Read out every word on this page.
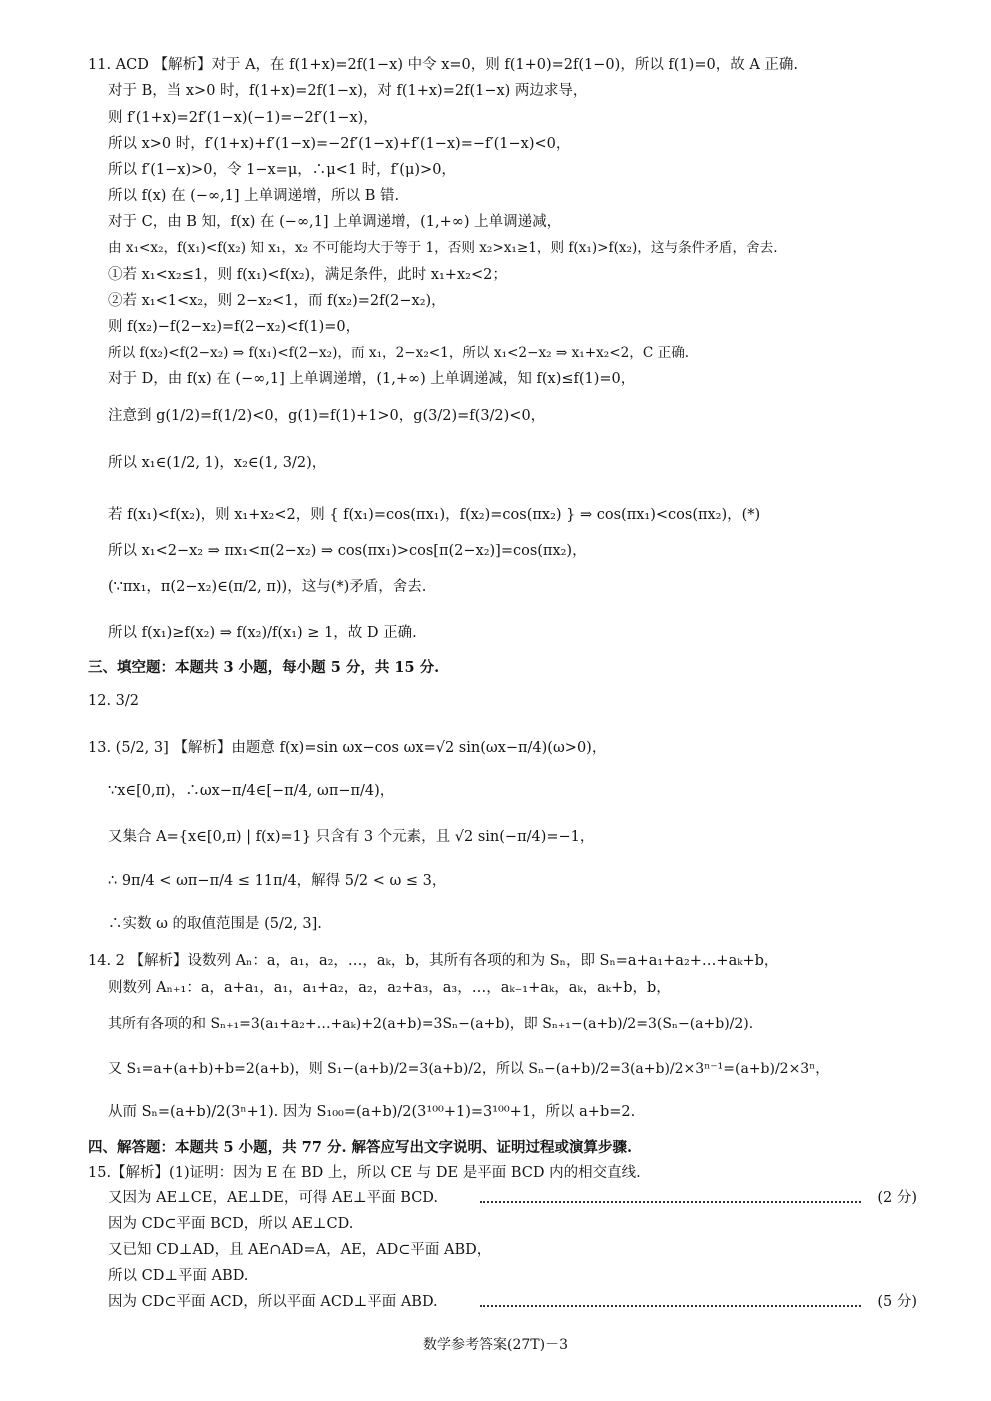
11. ACD 【解析】对于 A，在 f(1+x)=2f(1−x) 中令 x=0，则 f(1+0)=2f(1−0)，所以 f(1)=0，故 A 正确.
对于 B，当 x>0 时，f(1+x)=2f(1−x)，对 f(1+x)=2f(1−x) 两边求导，
则 f′(1+x)=2f′(1−x)(−1)=−2f′(1−x)，
所以 x>0 时，f′(1+x)+f′(1−x)=−2f′(1−x)+f′(1−x)=−f′(1−x)<0，
所以 f′(1−x)>0，令 1−x=μ，∴μ<1 时，f′(μ)>0，
所以 f(x) 在 (−∞,1] 上单调递增，所以 B 错.
对于 C，由 B 知，f(x) 在 (−∞,1] 上单调递增，(1,+∞) 上单调递减，
由 x₁<x₂，f(x₁)<f(x₂) 知 x₁，x₂ 不可能均大于等于 1，否则 x₂>x₁≥1，则 f(x₁)>f(x₂)，这与条件矛盾，舍去.
①若 x₁<x₂≤1，则 f(x₁)<f(x₂)，满足条件，此时 x₁+x₂<2；
②若 x₁<1<x₂，则 2−x₂<1，而 f(x₂)=2f(2−x₂)，
则 f(x₂)−f(2−x₂)=f(2−x₂)<f(1)=0，
所以 f(x₂)<f(2−x₂) ⇒ f(x₁)<f(2−x₂)，而 x₁，2−x₂<1，所以 x₁<2−x₂ ⇒ x₁+x₂<2，C 正确.
对于 D，由 f(x) 在 (−∞,1] 上单调递增，(1,+∞) 上单调递减，知 f(x)≤f(1)=0，
注意到 g(1/2)=f(1/2)<0，g(1)=f(1)+1>0，g(3/2)=f(3/2)<0，
所以 x₁∈(1/2, 1)，x₂∈(1, 3/2)，
若 f(x₁)<f(x₂)，则 x₁+x₂<2，则 { f(x₁)=cos(πx₁)，f(x₂)=cos(πx₂) } ⇒ cos(πx₁)<cos(πx₂)，(*)
所以 x₁<2−x₂ ⇒ πx₁<π(2−x₂) ⇒ cos(πx₁)>cos[π(2−x₂)]=cos(πx₂)，
(∵πx₁，π(2−x₂)∈(π/2, π))，这与(*)矛盾，舍去.
所以 f(x₁)≥f(x₂) ⇒ f(x₂)/f(x₁) ≥ 1，故 D 正确.
三、填空题：本题共 3 小题，每小题 5 分，共 15 分.
12. 3/2
13. (5/2, 3] 【解析】由题意 f(x)=sin ωx−cos ωx=√2 sin(ωx−π/4)(ω>0)，
∵x∈[0,π)，∴ωx−π/4∈[−π/4, ωπ−π/4)，
又集合 A={x∈[0,π) | f(x)=1} 只含有 3 个元素，且 √2 sin(−π/4)=−1，
∴ 9π/4 < ωπ−π/4 ≤ 11π/4，解得 5/2 < ω ≤ 3，
∴实数 ω 的取值范围是 (5/2, 3].
14. 2 【解析】设数列 Aₙ：a，a₁，a₂，…，aₖ，b，其所有各项的和为 Sₙ，即 Sₙ=a+a₁+a₂+…+aₖ+b，
则数列 Aₙ₊₁：a，a+a₁，a₁，a₁+a₂，a₂，a₂+a₃，a₃，…，aₖ₋₁+aₖ，aₖ，aₖ+b，b，
其所有各项的和 Sₙ₊₁=3(a₁+a₂+…+aₖ)+2(a+b)=3Sₙ−(a+b)，即 Sₙ₊₁−(a+b)/2=3(Sₙ−(a+b)/2).
又 S₁=a+(a+b)+b=2(a+b)，则 S₁−(a+b)/2=3(a+b)/2，所以 Sₙ−(a+b)/2=3(a+b)/2×3ⁿ⁻¹=(a+b)/2×3ⁿ，
从而 Sₙ=(a+b)/2(3ⁿ+1). 因为 S₁₀₀=(a+b)/2(3¹⁰⁰+1)=3¹⁰⁰+1，所以 a+b=2.
四、解答题：本题共 5 小题，共 77 分. 解答应写出文字说明、证明过程或演算步骤.
15.【解析】(1)证明：因为 E 在 BD 上，所以 CE 与 DE 是平面 BCD 内的相交直线.
又因为 AE⊥CE，AE⊥DE，可得 AE⊥平面 BCD.	(2 分)
因为 CD⊂平面 BCD，所以 AE⊥CD.
又已知 CD⊥AD，且 AE∩AD=A，AE，AD⊂平面 ABD，
所以 CD⊥平面 ABD.
因为 CD⊂平面 ACD，所以平面 ACD⊥平面 ABD.	(5 分)
数学参考答案(27T)－3
